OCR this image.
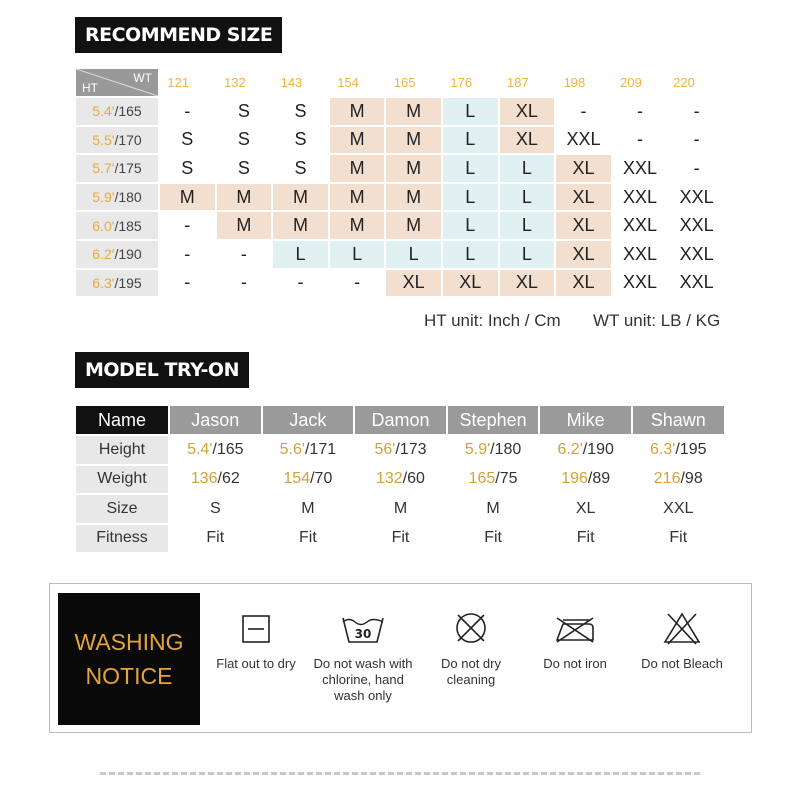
RECOMMEND SIZE
WT
HT	121/55	132/60	143/65	154/70	165/75	176/80	187/85	198/90	209/95	220/100
5.4'/165	-	S	S	M	M	L	XL	-	-	-
5.5'/170	S	S	S	M	M	L	XL	XXL	-	-
5.7'/175	S	S	S	M	M	L	L	XL	XXL	-
5.9'/180	M	M	M	M	M	L	L	XL	XXL	XXL
6.0'/185	-	M	M	M	M	L	L	XL	XXL	XXL
6.2'/190	-	-	L	L	L	L	L	XL	XXL	XXL
6.3'/195	-	-	-	-	XL	XL	XL	XL	XXL	XXL
HT unit: Inch / Cm WT unit: LB / KG
MODEL TRY-ON
Name	Jason	Jack	Damon	Stephen	Mike	Shawn
Height	5.4'/165	5.6'/171	56'/173	5.9'/180	6.2'/190	6.3'/195
Weight	136/62	154/70	132/60	165/75	196/89	216/98
Size	S	M	M	M	XL	XXL
Fitness	Fit	Fit	Fit	Fit	Fit	Fit
WASHING
NOTICE	Flat out to dry
30
Do not wash with
chlorine, hand
wash only
Do not dry
cleaning
Do not iron	Do not Bleach
